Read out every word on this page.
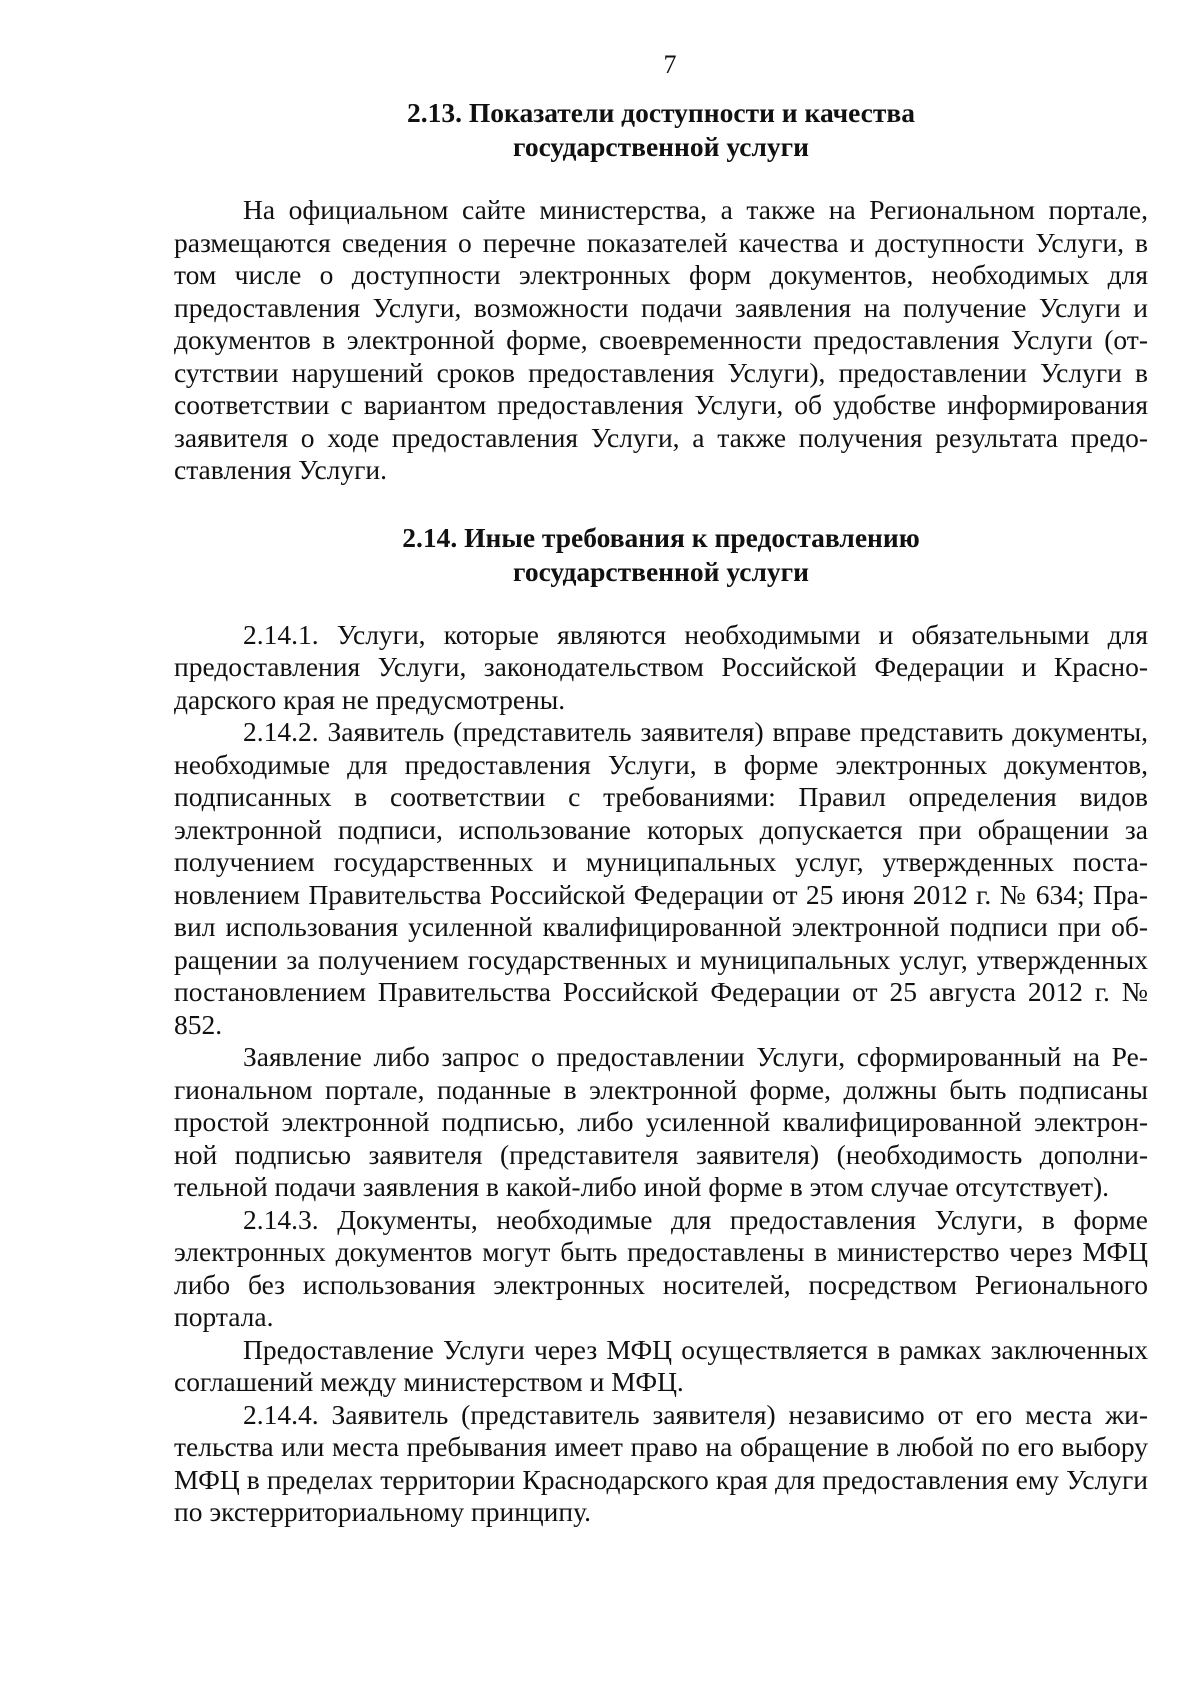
7
2.13. Показатели доступности и качества
государственной услуги

На официальном сайте министерства, а также на Региональном портале, размещаются сведения о перечне показателей качества и доступности Услуги, в том числе о доступности электронных форм документов, необходимых для предоставления Услуги, возможности подачи заявления на получение Услуги и документов в электронной форме, своевременности предоставления Услуги (отсутствии нарушений сроков предоставления Услуги), предоставлении Услуги в соответствии с вариантом предоставления Услуги, об удобстве информирования заявителя о ходе предоставления Услуги, а также получения результата предоставления Услуги.

2.14. Иные требования к предоставлению
государственной услуги

2.14.1. Услуги, которые являются необходимыми и обязательными для предоставления Услуги, законодательством Российской Федерации и Краснодарского края не предусмотрены.

2.14.2. Заявитель (представитель заявителя) вправе представить документы, необходимые для предоставления Услуги, в форме электронных документов, подписанных в соответствии с требованиями: Правил определения видов электронной подписи, использование которых допускается при обращении за получением государственных и муниципальных услуг, утвержденных постановлением Правительства Российской Федерации от 25 июня 2012 г. № 634; Правил использования усиленной квалифицированной электронной подписи при обращении за получением государственных и муниципальных услуг, утвержденных постановлением Правительства Российской Федерации от 25 августа 2012 г. № 852.

Заявление либо запрос о предоставлении Услуги, сформированный на Региональном портале, поданные в электронной форме, должны быть подписаны простой электронной подписью, либо усиленной квалифицированной электронной подписью заявителя (представителя заявителя) (необходимость дополнительной подачи заявления в какой-либо иной форме в этом случае отсутствует).

2.14.3. Документы, необходимые для предоставления Услуги, в форме электронных документов могут быть предоставлены в министерство через МФЦ либо без использования электронных носителей, посредством Регионального портала.

Предоставление Услуги через МФЦ осуществляется в рамках заключенных соглашений между министерством и МФЦ.

2.14.4. Заявитель (представитель заявителя) независимо от его места жительства или места пребывания имеет право на обращение в любой по его выбору МФЦ в пределах территории Краснодарского края для предоставления ему Услуги по экстерриториальному принципу.
